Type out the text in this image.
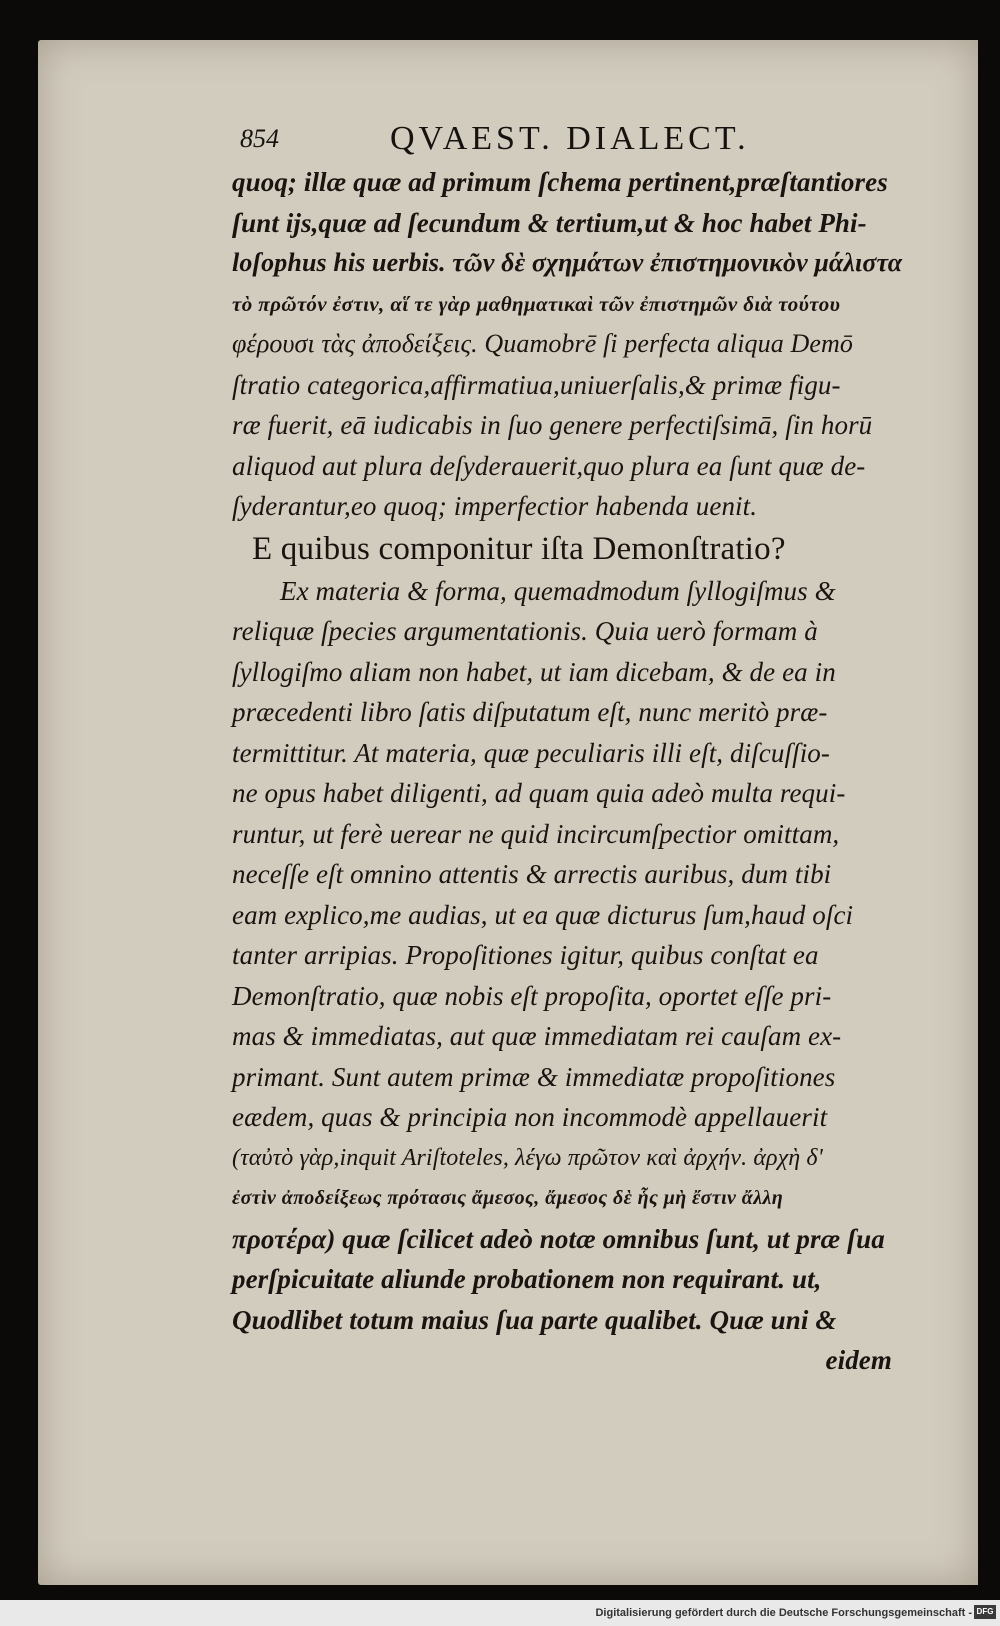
854	QVAEST. DIALECT.
quoq; illæ quæ ad primum ſchema pertinent,præſtantiores
ſunt ijs,quæ ad ſecundum & tertium,ut & hoc habet Phi-
loſophus his uerbis. τῶν δὲ σχημάτων ἐπιστημονικὸν μάλιστα
τὸ πρῶτόν ἐστιν, αἵ τε γὰρ μαθηματικαὶ τῶν ἐπιστημῶν διὰ τούτου
φέρουσι τὰς ἀποδείξεις. Quamobrē ſi perfecta aliqua Demō
ſtratio categorica,affirmatiua,uniuerſalis,& primæ figu-
ræ fuerit, eā iudicabis in ſuo genere perfectiſsimā, ſin horū
aliquod aut plura deſyderauerit,quo plura ea ſunt quæ de-
ſyderantur,eo quoq; imperfectior habenda uenit.
E quibus componitur iſta Demonſtratio?
Ex materia & forma, quemadmodum ſyllogiſmus &
reliquæ ſpecies argumentationis. Quia uerò formam à
ſyllogiſmo aliam non habet, ut iam dicebam, & de ea in
præcedenti libro ſatis diſputatum eſt, nunc meritò præ-
termittitur. At materia, quæ peculiaris illi eſt, diſcuſſio-
ne opus habet diligenti, ad quam quia adeò multa requi-
runtur, ut ferè uerear ne quid incircumſpectior omittam,
neceſſe eſt omnino attentis & arrectis auribus, dum tibi
eam explico,me audias, ut ea quæ dicturus ſum,haud oſci
tanter arripias. Propoſitiones igitur, quibus conſtat ea
Demonſtratio, quæ nobis eſt propoſita, oportet eſſe pri-
mas & immediatas, aut quæ immediatam rei cauſam ex-
primant. Sunt autem primæ & immediatæ propoſitiones
eædem, quas & principia non incommodè appellauerit
(ταὐτὸ γὰρ,inquit Ariſtoteles, λέγω πρῶτον καὶ ἀρχήν. ἀρχὴ δ'
ἐστὶν ἀποδείξεως πρότασις ἄμεσος, ἄμεσος δὲ ἧς μὴ ἔστιν ἄλλη
προτέρα) quæ ſcilicet adeò notæ omnibus ſunt, ut præ ſua
perſpicuitate aliunde probationem non requirant. ut,
Quodlibet totum maius ſua parte qualibet. Quæ uni &
eidem
Digitalisierung gefördert durch die Deutsche Forschungsgemeinschaft - DFG
